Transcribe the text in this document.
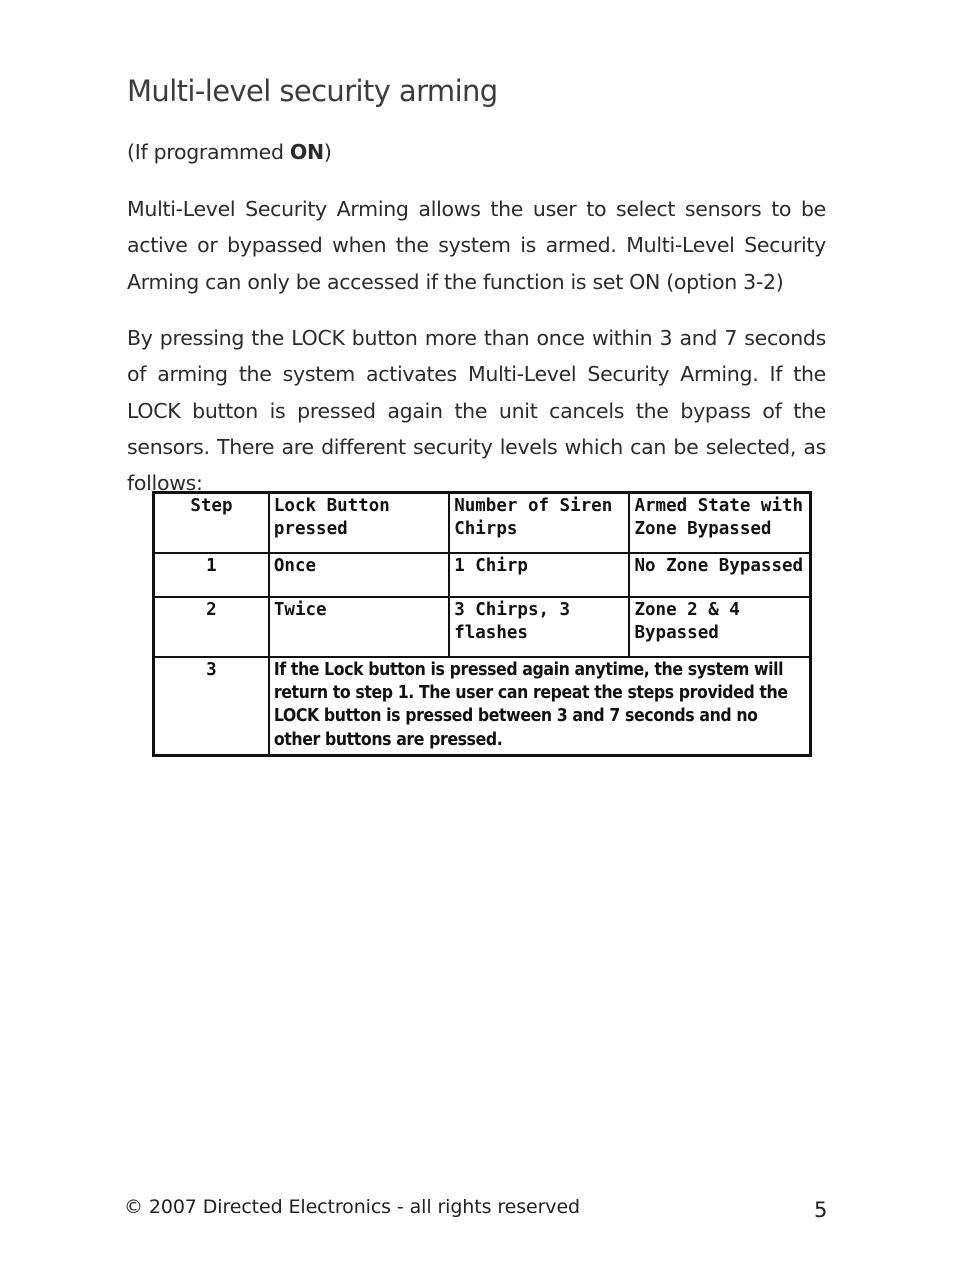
Multi-level security arming
(If programmed ON)

Multi-Level Security Arming allows the user to select sensors to be active or bypassed when the system is armed. Multi-Level Security Arming can only be accessed if the function is set ON (option 3-2)

By pressing the LOCK button more than once within 3 and 7 seconds of arming the system activates Multi-Level Security Arming. If the LOCK button is pressed again the unit cancels the bypass of the sensors. There are different security levels which can be selected, as follows:

Step	Lock Button pressed	Number of Siren Chirps	Armed State with Zone Bypassed
1	Once	1 Chirp	No Zone Bypassed
2	Twice	3 Chirps, 3 flashes	Zone 2 & 4 Bypassed
3	If the Lock button is pressed again anytime, the system will return to step 1. The user can repeat the steps provided the LOCK button is pressed between 3 and 7 seconds and no other buttons are pressed.		
© 2007 Directed Electronics - all rights reserved	5
